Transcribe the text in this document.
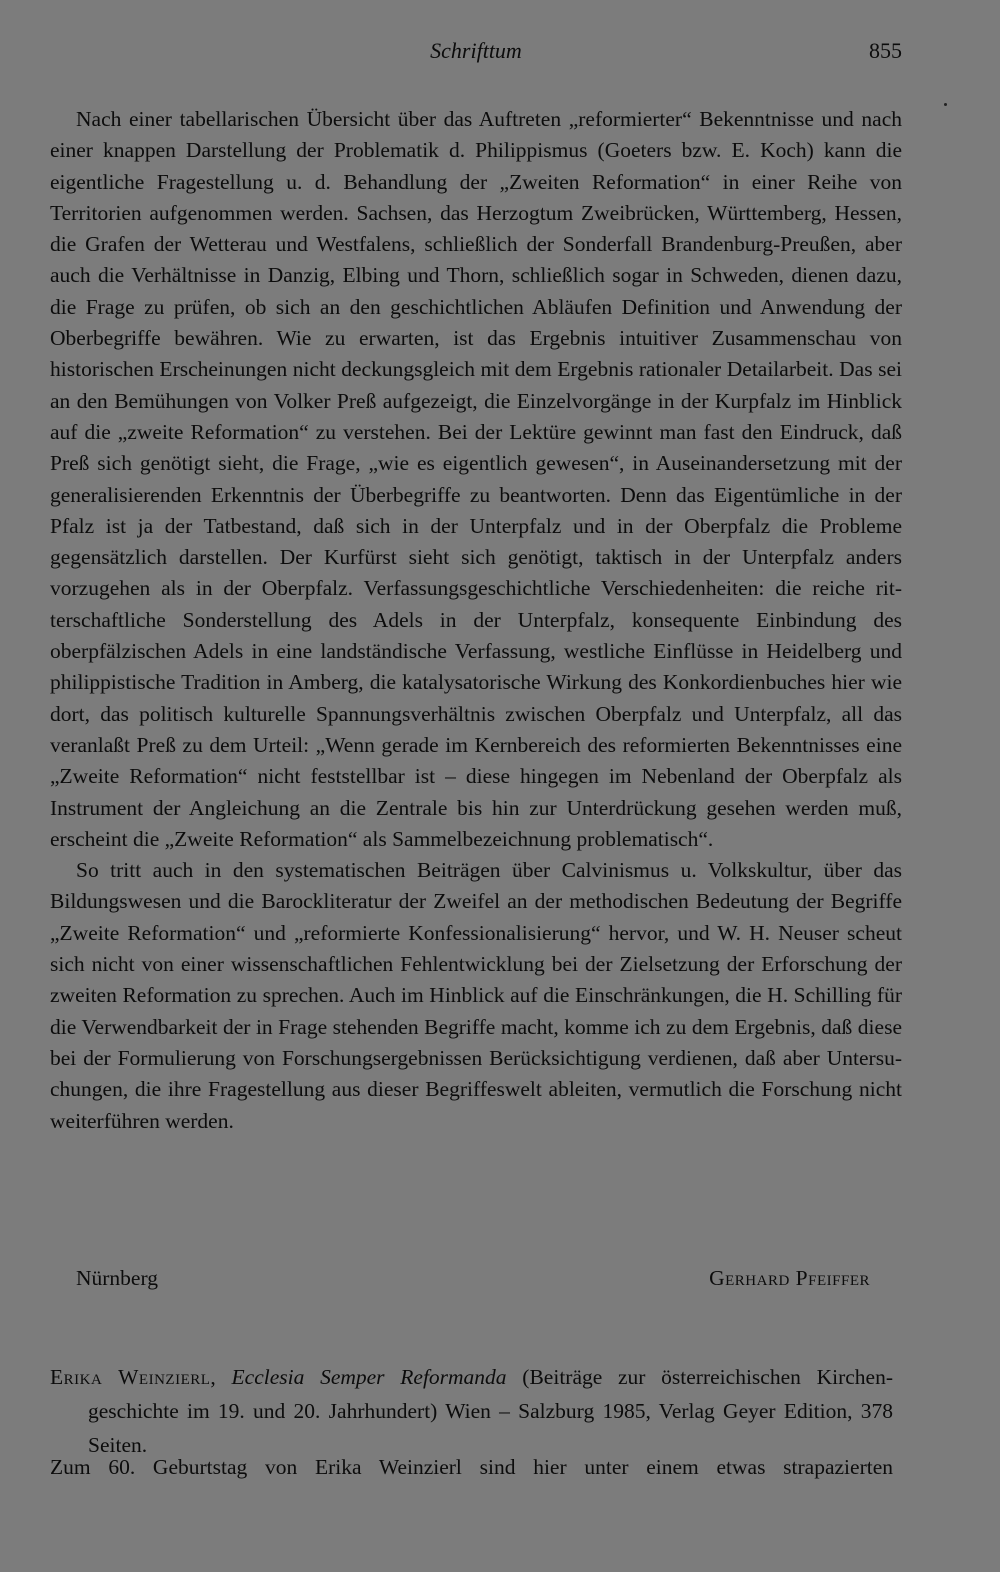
Schrifttum	855

Nach einer tabellarischen Übersicht über das Auftreten „reformierter“ Bekenntnisse und nach einer knappen Darstellung der Problematik d. Philippismus (Goeters bzw. E. Koch) kann die eigentliche Fragestellung u. d. Behandlung der „Zweiten Reformation“ in einer Reihe von Territorien aufgenommen werden. Sachsen, das Herzogtum Zweibrücken, Württemberg, Hessen, die Grafen der Wetterau und Westfalens, schließlich der Sonderfall Brandenburg-Preußen, aber auch die Verhältnisse in Danzig, Elbing und Thorn, schließlich sogar in Schweden, dienen dazu, die Frage zu prüfen, ob sich an den geschichtlichen Abläufen Definition und Anwendung der Oberbegriffe bewähren. Wie zu erwarten, ist das Ergebnis intuitiver Zusammenschau von historischen Erscheinungen nicht deckungsgleich mit dem Ergebnis rationaler Detailarbeit. Das sei an den Bemühungen von Volker Preß aufgezeigt, die Einzelvorgänge in der Kurpfalz im Hinblick auf die „zweite Reformation“ zu verstehen. Bei der Lektüre gewinnt man fast den Eindruck, daß Preß sich genötigt sieht, die Frage, „wie es eigentlich gewesen“, in Auseinandersetzung mit der generalisierenden Erkenntnis der Überbegriffe zu beantworten. Denn das Eigentümliche in der Pfalz ist ja der Tatbestand, daß sich in der Unterpfalz und in der Oberpfalz die Probleme gegensätzlich darstellen. Der Kurfürst sieht sich genötigt, taktisch in der Unterpfalz anders vorzugehen als in der Oberpfalz. Verfassungsgeschichtliche Verschiedenheiten: die reiche ritterschaftliche Sonderstellung des Adels in der Unterpfalz, konsequente Einbindung des oberpfälzischen Adels in eine landständische Verfassung, westliche Einflüsse in Heidelberg und philippistische Tradition in Amberg, die katalysatorische Wirkung des Konkordienbuches hier wie dort, das politisch kulturelle Spannungsverhältnis zwischen Oberpfalz und Unterpfalz, all das veranlaßt Preß zu dem Urteil: „Wenn gerade im Kernbereich des reformierten Bekenntnisses eine „Zweite Reformation“ nicht feststellbar ist – diese hingegen im Nebenland der Oberpfalz als Instrument der Angleichung an die Zentrale bis hin zur Unterdrückung gesehen werden muß, erscheint die „Zweite Reformation“ als Sammelbezeichnung problematisch“.

So tritt auch in den systematischen Beiträgen über Calvinismus u. Volkskultur, über das Bildungswesen und die Barockliteratur der Zweifel an der methodischen Bedeutung der Begriffe „Zweite Reformation“ und „reformierte Konfessionalisierung“ hervor, und W. H. Neuser scheut sich nicht von einer wissenschaftlichen Fehlentwicklung bei der Zielsetzung der Erforschung der zweiten Reformation zu sprechen. Auch im Hinblick auf die Einschränkungen, die H. Schilling für die Verwendbarkeit der in Frage stehenden Begriffe macht, komme ich zu dem Ergebnis, daß diese bei der Formulierung von Forschungsergebnissen Berücksichtigung verdienen, daß aber Untersuchungen, die ihre Fragestellung aus dieser Begriffeswelt ableiten, vermutlich die Forschung nicht weiterführen werden.

Nürnberg	Gerhard Pfeiffer
Erika Weinzierl, Ecclesia Semper Reformanda (Beiträge zur österreichischen Kirchengeschichte im 19. und 20. Jahrhundert) Wien – Salzburg 1985, Verlag Geyer Edition, 378 Seiten.
Zum 60. Geburtstag von Erika Weinzierl sind hier unter einem etwas strapazierten
